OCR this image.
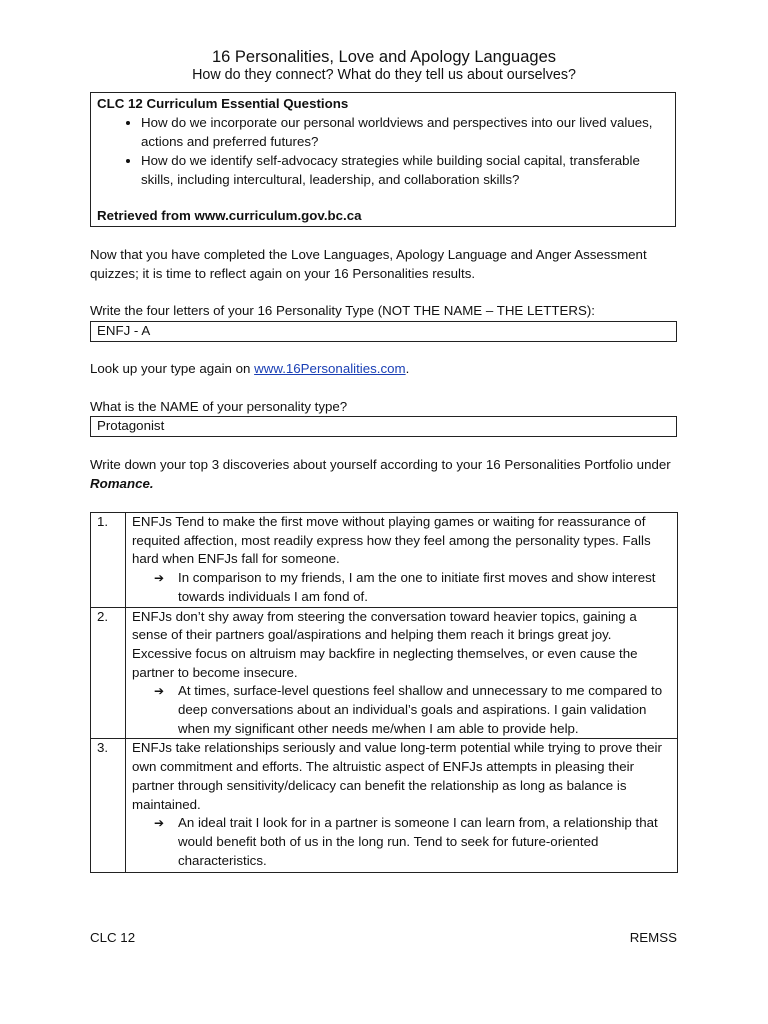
16 Personalities, Love and Apology Languages
How do they connect? What do they tell us about ourselves?
CLC 12 Curriculum Essential Questions
• How do we incorporate our personal worldviews and perspectives into our lived values, actions and preferred futures?
• How do we identify self-advocacy strategies while building social capital, transferable skills, including intercultural, leadership, and collaboration skills?
Retrieved from www.curriculum.gov.bc.ca
Now that you have completed the Love Languages, Apology Language and Anger Assessment quizzes; it is time to reflect again on your 16 Personalities results.
Write the four letters of your 16 Personality Type (NOT THE NAME – THE LETTERS):
ENFJ - A
Look up your type again on www.16Personalities.com.
What is the NAME of your personality type?
Protagonist
Write down your top 3 discoveries about yourself according to your 16 Personalities Portfolio under Romance.
1.	ENFJs Tend to make the first move without playing games or waiting for reassurance of requited affection, most readily express how they feel among the personality types. Falls hard when ENFJs fall for someone.
➔ In comparison to my friends, I am the one to initiate first moves and show interest towards individuals I am fond of.

2.	ENFJs don’t shy away from steering the conversation toward heavier topics, gaining a sense of their partners goal/aspirations and helping them reach it brings great joy. Excessive focus on altruism may backfire in neglecting themselves, or even cause the partner to become insecure.
➔ At times, surface-level questions feel shallow and unnecessary to me compared to deep conversations about an individual’s goals and aspirations. I gain validation when my significant other needs me/when I am able to provide help.

3.	ENFJs take relationships seriously and value long-term potential while trying to prove their own commitment and efforts. The altruistic aspect of ENFJs attempts in pleasing their partner through sensitivity/delicacy can benefit the relationship as long as balance is maintained.
➔ An ideal trait I look for in a partner is someone I can learn from, a relationship that would benefit both of us in the long run. Tend to seek for future-oriented characteristics.
CLC 12	REMSS
